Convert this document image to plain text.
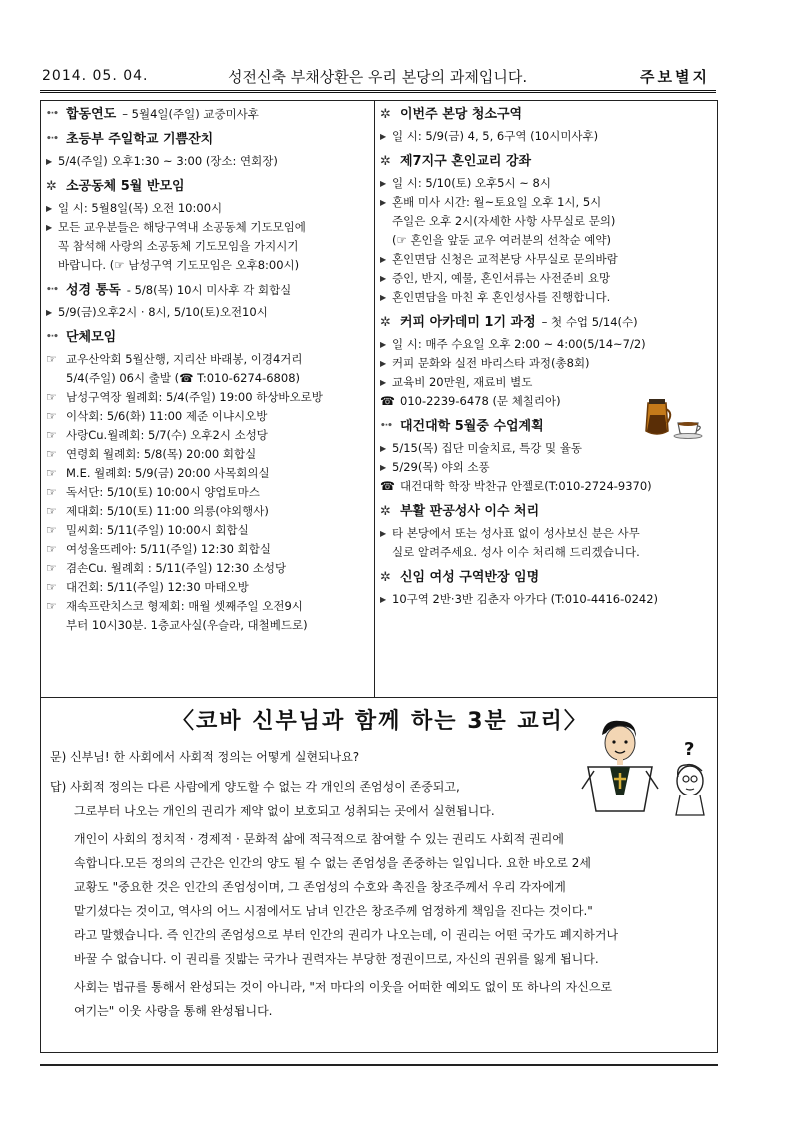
2014. 05. 04.	성전신축 부채상환은 우리 본당의 과제입니다.	주보별지
•·• 합동연도 – 5월4일(주일) 교중미사후
•·• 초등부 주일학교 기쁨잔치
▶ 5/4(주일) 오후1:30 ~ 3:00 (장소: 연회장)
✲ 소공동체 5월 반모임
▶ 일 시: 5월8일(목) 오전 10:00시
▶ 모든 교우분들은 해당구역내 소공동체 기도모임에
꼭 참석해 사랑의 소공동체 기도모임을 가지시기
바랍니다. (☞ 남성구역 기도모임은 오후8:00시)
•·• 성경 통독 - 5/8(목) 10시 미사후 각 회합실
▶ 5/9(금)오후2시 · 8시, 5/10(토)오전10시
•·• 단체모임
☞ 교우산악회 5월산행, 지리산 바래봉, 이경4거리
5/4(주일) 06시 출발 (☎ T:010-6274-6808)
☞ 남성구역장 월례회: 5/4(주일) 19:00 하상바오로방
☞ 이삭회: 5/6(화) 11:00 제준 이냐시오방
☞ 사랑Cu.월례회: 5/7(수) 오후2시 소성당
☞ 연령회 월례회: 5/8(목) 20:00 회합실
☞ M.E. 월례회: 5/9(금) 20:00 사목회의실
☞ 독서단: 5/10(토) 10:00시 양업토마스
☞ 제대회: 5/10(토) 11:00 의릉(야외행사)
☞ 밀씨회: 5/11(주일) 10:00시 회합실
☞ 여성울뜨레아: 5/11(주일) 12:30 회합실
☞ 겸손Cu. 월례회 : 5/11(주일) 12:30 소성당
☞ 대건회: 5/11(주일) 12:30 마태오방
☞ 재속프란치스코 형제회: 매월 셋째주일 오전9시
부터 10시30분. 1층교사실(우슬라, 대철베드로)
✲ 이번주 본당 청소구역
▶ 일 시: 5/9(금) 4, 5, 6구역 (10시미사후)
✲ 제7지구 혼인교리 강좌
▶ 일 시: 5/10(토) 오후5시 ~ 8시
▶ 혼배 미사 시간: 월~토요일 오후 1시, 5시
주일은 오후 2시(자세한 사항 사무실로 문의)
(☞ 혼인을 앞둔 교우 여러분의 선착순 예약)
▶ 혼인면담 신청은 교적본당 사무실로 문의바람
▶ 증인, 반지, 예물, 혼인서류는 사전준비 요망
▶ 혼인면담을 마친 후 혼인성사를 진행합니다.
✲ 커피 아카데미 1기 과정 – 첫 수업 5/14(수)
▶ 일 시: 매주 수요일 오후 2:00 ~ 4:00(5/14~7/2)
▶ 커피 문화와 실전 바리스타 과정(총8회)
▶ 교육비 20만원, 재료비 별도
☎ 010-2239-6478 (문 체칠리아)
•·• 대건대학 5월중 수업계획
▶ 5/15(목) 집단 미술치료, 특강 및 율동
▶ 5/29(목) 야외 소풍
☎ 대건대학 학장 박찬규 안젤로(T:010-2724-9370)
✲ 부활 판공성사 이수 처리
▶ 타 본당에서 또는 성사표 없이 성사보신 분은 사무
실로 알려주세요. 성사 이수 처리해 드리겠습니다.
✲ 신임 여성 구역반장 임명
▶ 10구역 2반·3반 김춘자 아가다 (T:010-4416-0242)
〈코바 신부님과 함께 하는 3분 교리〉
문) 신부님! 한 사회에서 사회적 정의는 어떻게 실현되나요?
답) 사회적 정의는 다른 사람에게 양도할 수 없는 각 개인의 존엄성이 존중되고,
그로부터 나오는 개인의 권리가 제약 없이 보호되고 성취되는 곳에서 실현됩니다.
개인이 사회의 정치적 · 경제적 · 문화적 삶에 적극적으로 참여할 수 있는 권리도 사회적 권리에
속합니다.모든 정의의 근간은 인간의 양도 될 수 없는 존엄성을 존중하는 일입니다. 요한 바오로 2세
교황도 "중요한 것은 인간의 존엄성이며, 그 존엄성의 수호와 촉진을 창조주께서 우리 각자에게
맡기셨다는 것이고, 역사의 어느 시점에서도 남녀 인간은 창조주께 엄정하게 책임을 진다는 것이다."
라고 말했습니다. 즉 인간의 존엄성으로 부터 인간의 권리가 나오는데, 이 권리는 어떤 국가도 폐지하거나
바꿀 수 없습니다. 이 권리를 짓밟는 국가나 권력자는 부당한 정권이므로, 자신의 권위를 잃게 됩니다.
사회는 법규를 통해서 완성되는 것이 아니라, "저 마다의 이웃을 어떠한 예외도 없이 또 하나의 자신으로
여기는" 이웃 사랑을 통해 완성됩니다.
?
